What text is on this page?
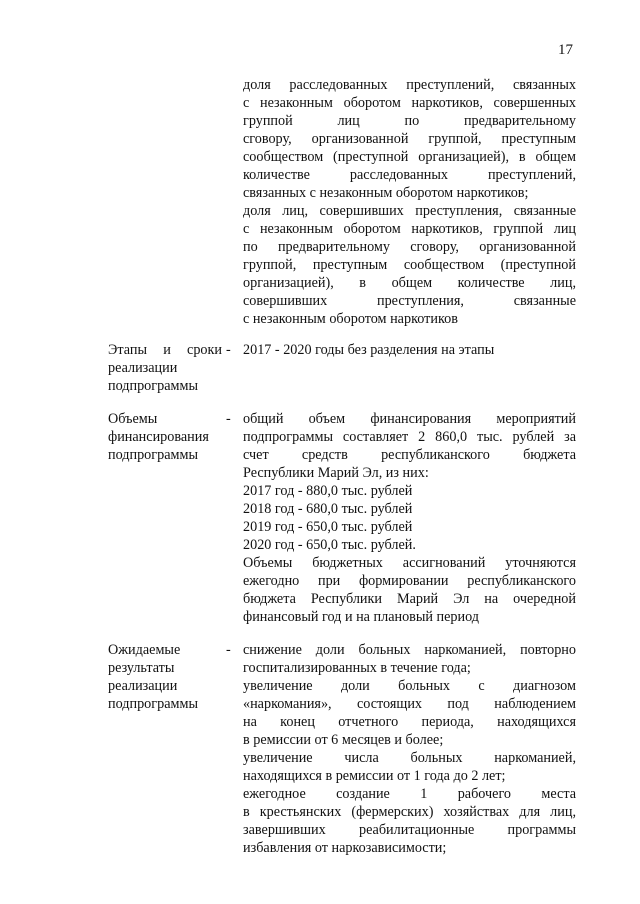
17
доля расследованных преступлений, связанных
с незаконным оборотом наркотиков, совершенных
группой лиц по предварительному
сговору, организованной группой, преступным
сообществом (преступной организацией), в общем
количестве расследованных преступлений,
связанных с незаконным оборотом наркотиков;
доля лиц, совершивших преступления, связанные
с незаконным оборотом наркотиков, группой лиц
по предварительному сговору, организованной
группой, преступным сообществом (преступной
организацией), в общем количестве лиц,
совершивших преступления, связанные
с незаконным оборотом наркотиков
Этапы и сроки
реализации
подпрограммы
- 2017 - 2020 годы без разделения на этапы
Объемы
финансирования
подпрограммы
- общий объем финансирования мероприятий
подпрограммы составляет 2 860,0 тыс. рублей за
счет средств республиканского бюджета
Республики Марий Эл, из них:
2017 год - 880,0 тыс. рублей
2018 год - 680,0 тыс. рублей
2019 год - 650,0 тыс. рублей
2020 год - 650,0 тыс. рублей.
Объемы бюджетных ассигнований уточняются
ежегодно при формировании республиканского
бюджета Республики Марий Эл на очередной
финансовый год и на плановый период
Ожидаемые
результаты
реализации
подпрограммы
- снижение доли больных наркоманией, повторно
госпитализированных в течение года;
увеличение доли больных с диагнозом
«наркомания», состоящих под наблюдением
на конец отчетного периода, находящихся
в ремиссии от 6 месяцев и более;
увеличение числа больных наркоманией,
находящихся в ремиссии от 1 года до 2 лет;
ежегодное создание 1 рабочего места
в крестьянских (фермерских) хозяйствах для лиц,
завершивших реабилитационные программы
избавления от наркозависимости;
